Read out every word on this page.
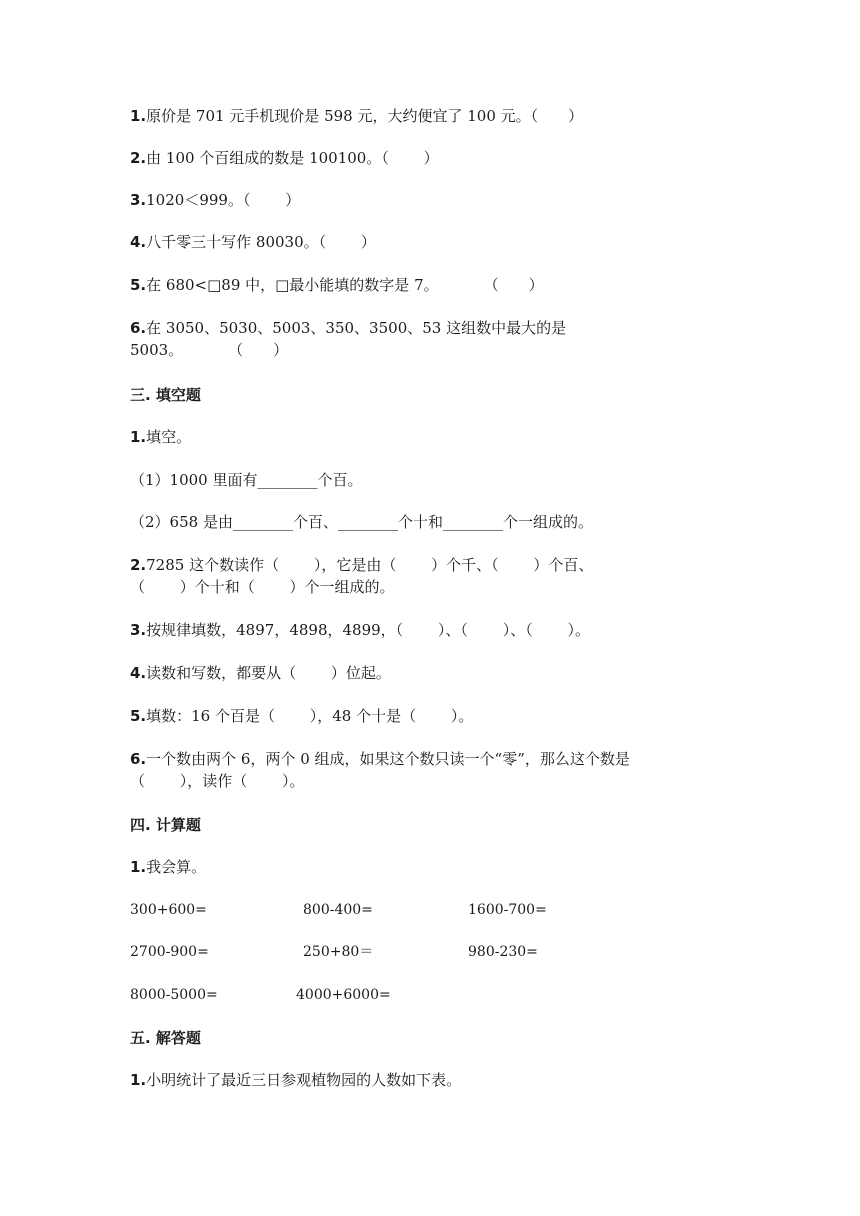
1.原价是 701 元手机现价是 598 元，大约便宜了 100 元。（　　）
2.由 100 个百组成的数是 100100。（　　 ）
3.1020＜999。（　　 ）
4.八千零三十写作 80030。（　　 ）
5.在 680<□89 中，□最小能填的数字是 7。　　　　（　　）
6.在 3050、5030、5003、350、3500、53 这组数中最大的是
5003。　　　　（　　）
三. 填空题
1.填空。
（1）1000 里面有________个百。
（2）658 是由________个百、________个十和________个一组成的。
2.7285 这个数读作（　　 ），它是由（　　 ）个千、（　　 ）个百、
（　　 ）个十和（　　 ）个一组成的。
3.按规律填数，4897，4898，4899，（　　 ）、（　　 ）、（　　 ）。
4.读数和写数，都要从（　　 ）位起。
5.填数：16 个百是（　　 ），48 个十是（　　 ）。
6.一个数由两个 6，两个 0 组成，如果这个数只读一个“零”，那么这个数是
（　　 ），读作（　　 ）。
四. 计算题
1.我会算。
300+600=	800-400=	1600-700=
2700-900=	250+80＝	980-230=
8000-5000=	4000+6000=
五. 解答题
1.小明统计了最近三日参观植物园的人数如下表。
